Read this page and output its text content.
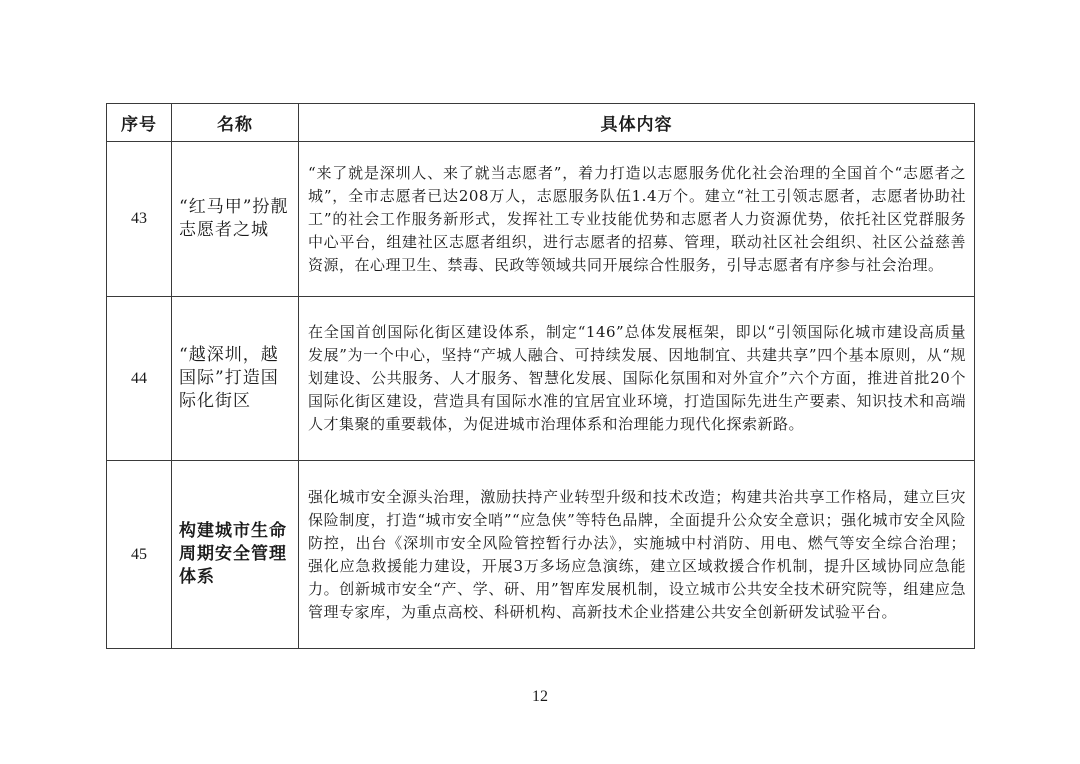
序号	名称	具体内容
43	“红马甲”扮靓志愿者之城	“来了就是深圳人、来了就当志愿者”，着力打造以志愿服务优化社会治理的全国首个“志愿者之城”，全市志愿者已达208万人，志愿服务队伍1.4万个。建立“社工引领志愿者，志愿者协助社工”的社会工作服务新形式，发挥社工专业技能优势和志愿者人力资源优势，依托社区党群服务中心平台，组建社区志愿者组织，进行志愿者的招募、管理，联动社区社会组织、社区公益慈善资源，在心理卫生、禁毒、民政等领域共同开展综合性服务，引导志愿者有序参与社会治理。
44	“越深圳，越国际”打造国际化街区	在全国首创国际化街区建设体系，制定“146”总体发展框架，即以“引领国际化城市建设高质量发展”为一个中心，坚持“产城人融合、可持续发展、因地制宜、共建共享”四个基本原则，从“规划建设、公共服务、人才服务、智慧化发展、国际化氛围和对外宣介”六个方面，推进首批20个国际化街区建设，营造具有国际水准的宜居宜业环境，打造国际先进生产要素、知识技术和高端人才集聚的重要载体，为促进城市治理体系和治理能力现代化探索新路。
45	构建城市生命周期安全管理体系	强化城市安全源头治理，激励扶持产业转型升级和技术改造；构建共治共享工作格局，建立巨灾保险制度，打造“城市安全哨”“应急侠”等特色品牌，全面提升公众安全意识；强化城市安全风险防控，出台《深圳市安全风险管控暂行办法》，实施城中村消防、用电、燃气等安全综合治理；强化应急救援能力建设，开展3万多场应急演练，建立区域救援合作机制，提升区域协同应急能力。创新城市安全“产、学、研、用”智库发展机制，设立城市公共安全技术研究院等，组建应急管理专家库，为重点高校、科研机构、高新技术企业搭建公共安全创新研发试验平台。
12
